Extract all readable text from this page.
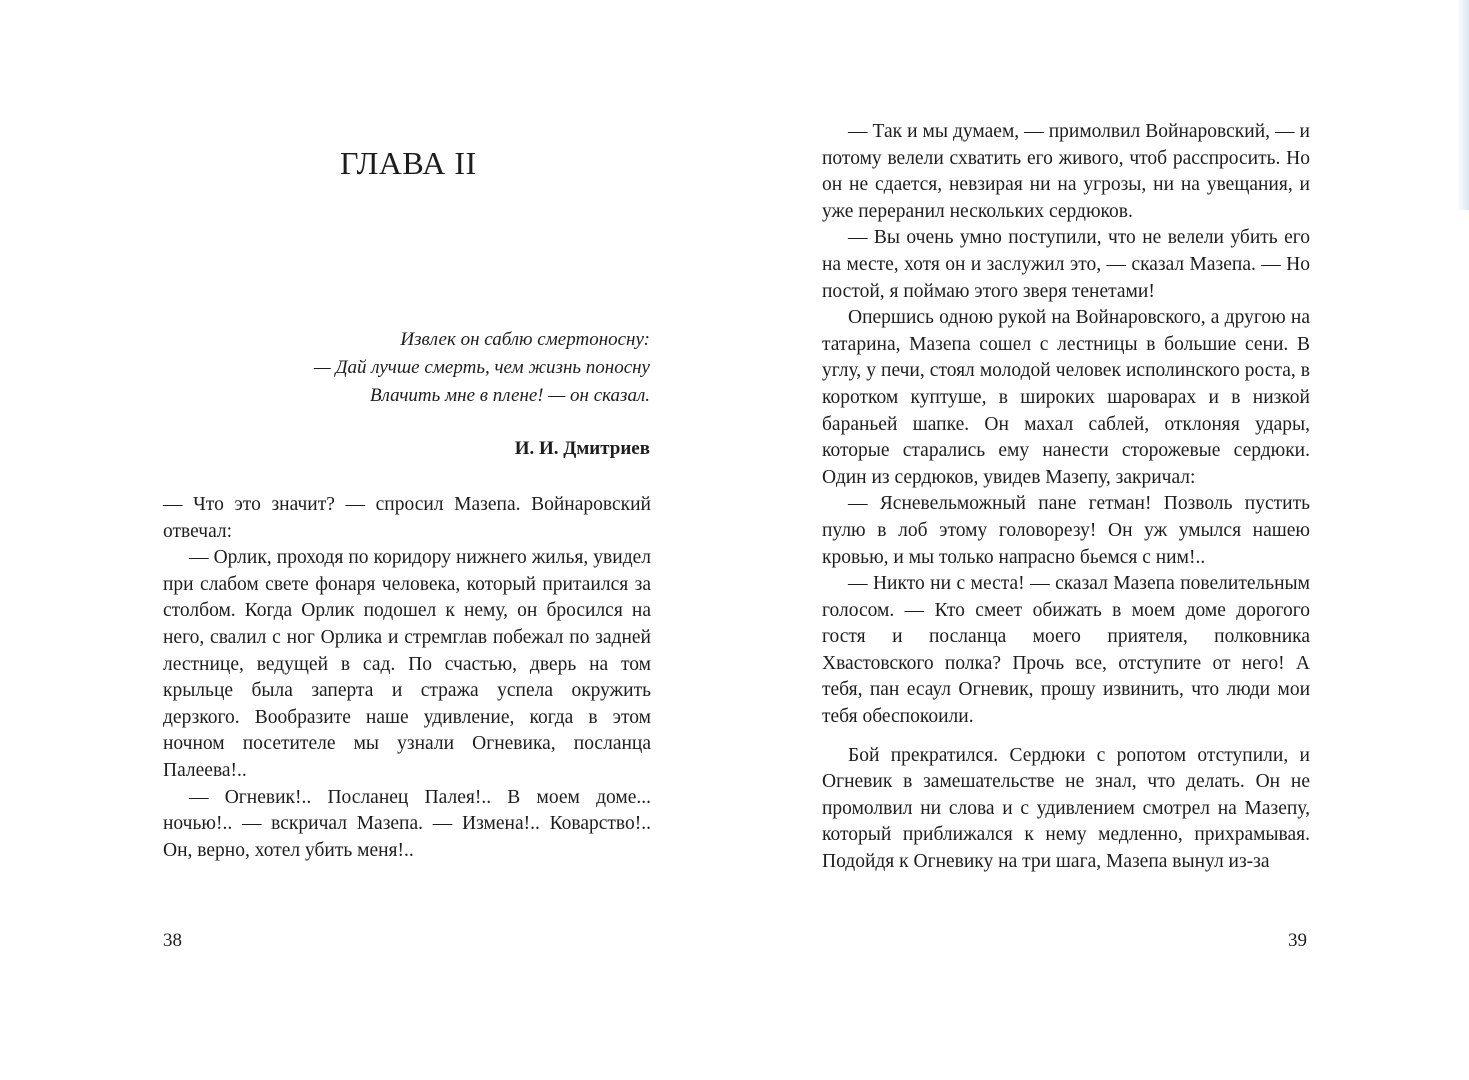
ГЛАВА II
Извлек он саблю смертоносну:
— Дай лучше смерть, чем жизнь поносну
Влачить мне в плене! — он сказал.
И. И. Дмитриев

— Что это значит? — спросил Мазепа. Войнаровский отвечал:

— Орлик, проходя по коридору нижнего жилья, увидел при слабом свете фонаря человека, который притаился за столбом. Когда Орлик подошел к нему, он бросился на него, свалил с ног Орлика и стремглав побежал по задней лестнице, ведущей в сад. По счастью, дверь на том крыльце была заперта и стража успела окружить дерзкого. Вообразите наше удивление, когда в этом ночном посетителе мы узнали Огневика, посланца Палеева!..

— Огневик!.. Посланец Палея!.. В моем доме... ночью!.. — вскричал Мазепа. — Измена!.. Коварство!.. Он, верно, хотел убить меня!..

38

— Так и мы думаем, — примолвил Войнаровский, — и потому велели схватить его живого, чтоб расспросить. Но он не сдается, невзирая ни на угрозы, ни на увещания, и уже переранил нескольких сердюков.

— Вы очень умно поступили, что не велели убить его на месте, хотя он и заслужил это, — сказал Мазепа. — Но постой, я поймаю этого зверя тенетами!

Опершись одною рукой на Войнаровского, а другою на татарина, Мазепа сошел с лестницы в большие сени. В углу, у печи, стоял молодой человек исполинского роста, в коротком куптуше, в широких шароварах и в низкой бараньей шапке. Он махал саблей, отклоняя удары, которые старались ему нанести сторожевые сердюки. Один из сердюков, увидев Мазепу, закричал:

— Ясневельможный пане гетман! Позволь пустить пулю в лоб этому головорезу! Он уж умылся нашею кровью, и мы только напрасно бьемся с ним!..

— Никто ни с места! — сказал Мазепа повелительным голосом. — Кто смеет обижать в моем доме дорогого гостя и посланца моего приятеля, полковника Хвастовского полка? Прочь все, отступите от него! А тебя, пан есаул Огневик, прошу извинить, что люди мои тебя обеспокоили.

Бой прекратился. Сердюки с ропотом отступили, и Огневик в замешательстве не знал, что делать. Он не промолвил ни слова и с удивлением смотрел на Мазепу, который приближался к нему медленно, прихрамывая. Подойдя к Огневику на три шага, Мазепа вынул из-за

39
